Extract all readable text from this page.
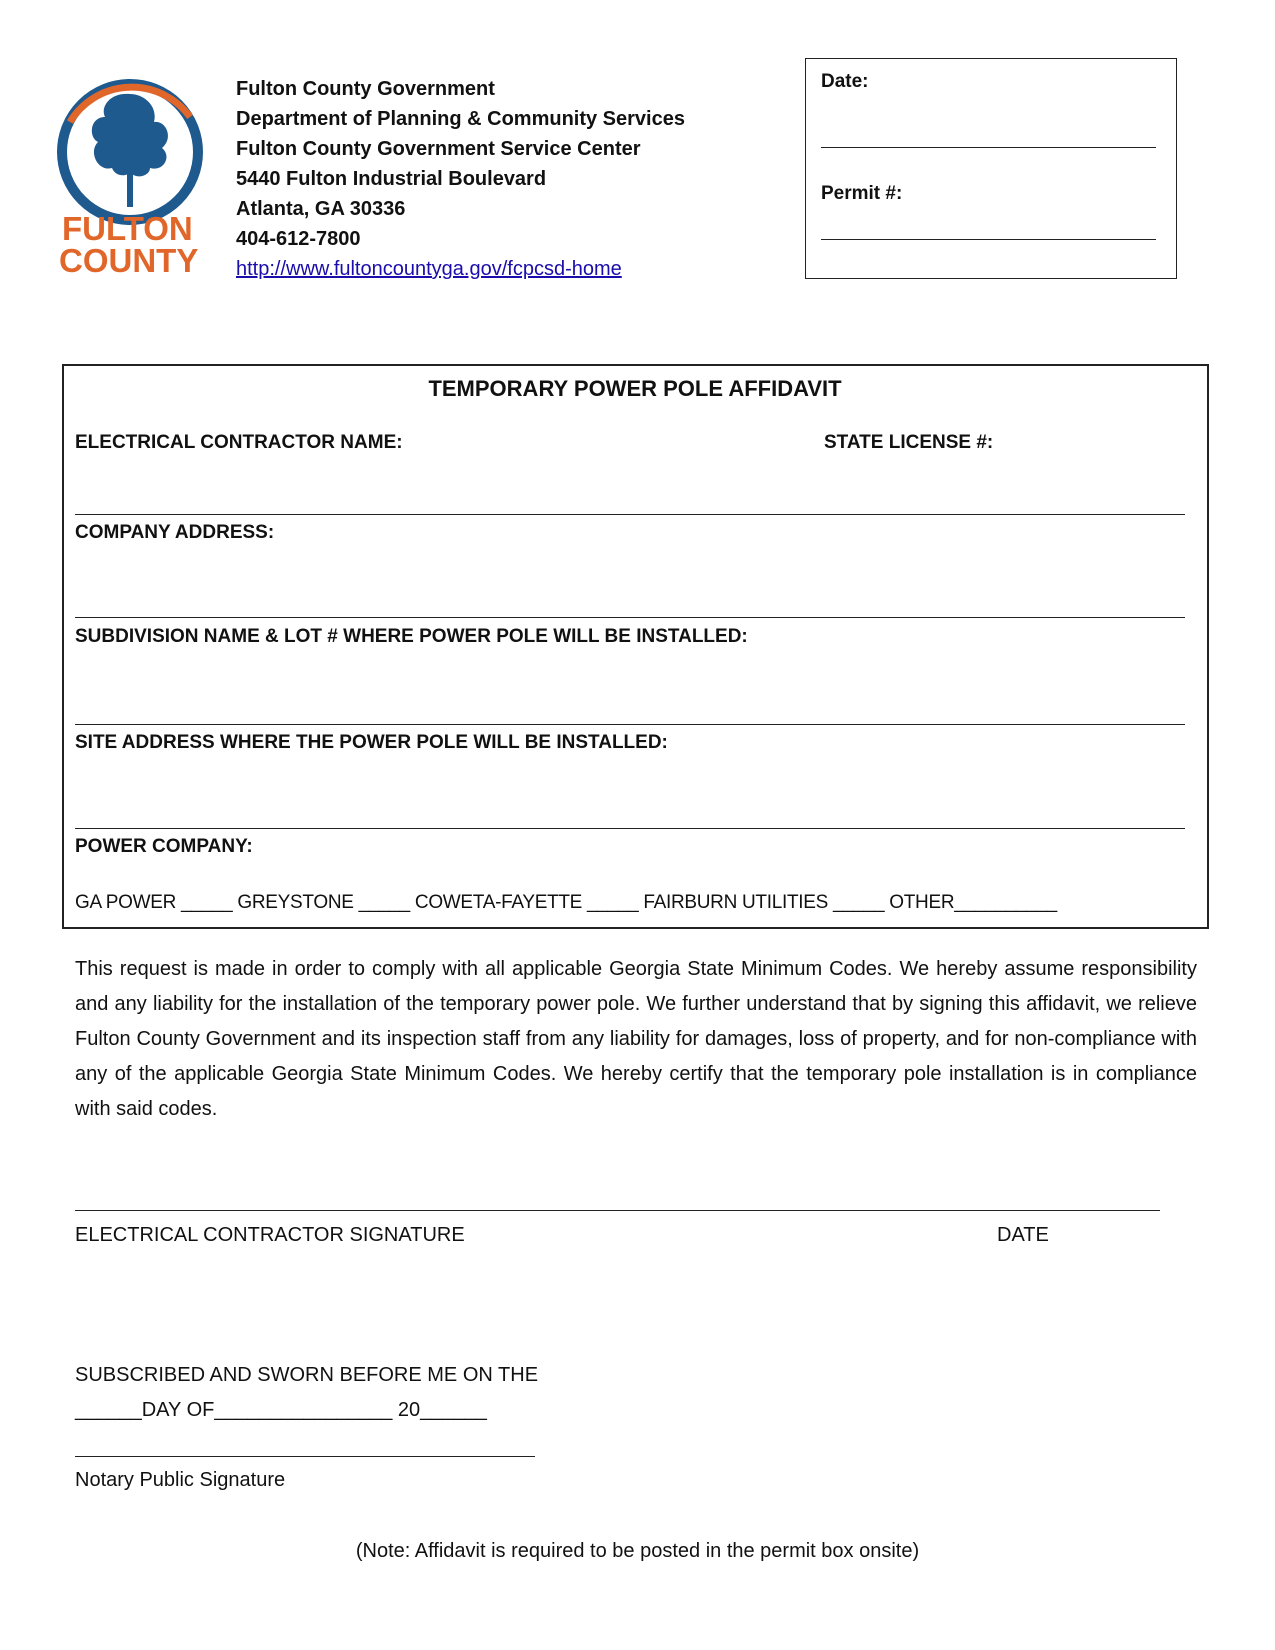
FULTON
COUNTY
Fulton County Government
Department of Planning & Community Services
Fulton County Government Service Center
5440 Fulton Industrial Boulevard
Atlanta, GA 30336
404-612-7800
http://www.fultoncountyga.gov/fcpcsd-home
Date:
Permit #:
TEMPORARY POWER POLE AFFIDAVIT
ELECTRICAL CONTRACTOR NAME:	STATE LICENSE #:
COMPANY ADDRESS:
SUBDIVISION NAME & LOT # WHERE POWER POLE WILL BE INSTALLED:
SITE ADDRESS WHERE THE POWER POLE WILL BE INSTALLED:
POWER COMPANY:
GA POWER _____ GREYSTONE _____ COWETA-FAYETTE _____ FAIRBURN UTILITIES _____ OTHER__________
This request is made in order to comply with all applicable Georgia State Minimum Codes. We hereby assume responsibility and any liability for the installation of the temporary power pole. We further understand that by signing this affidavit, we relieve Fulton County Government and its inspection staff from any liability for damages, loss of property, and for non-compliance with any of the applicable Georgia State Minimum Codes. We hereby certify that the temporary pole installation is in compliance with said codes.
ELECTRICAL CONTRACTOR SIGNATURE	DATE
SUBSCRIBED AND SWORN BEFORE ME ON THE
______DAY OF________________ 20______
Notary Public Signature
(Note: Affidavit is required to be posted in the permit box onsite)
